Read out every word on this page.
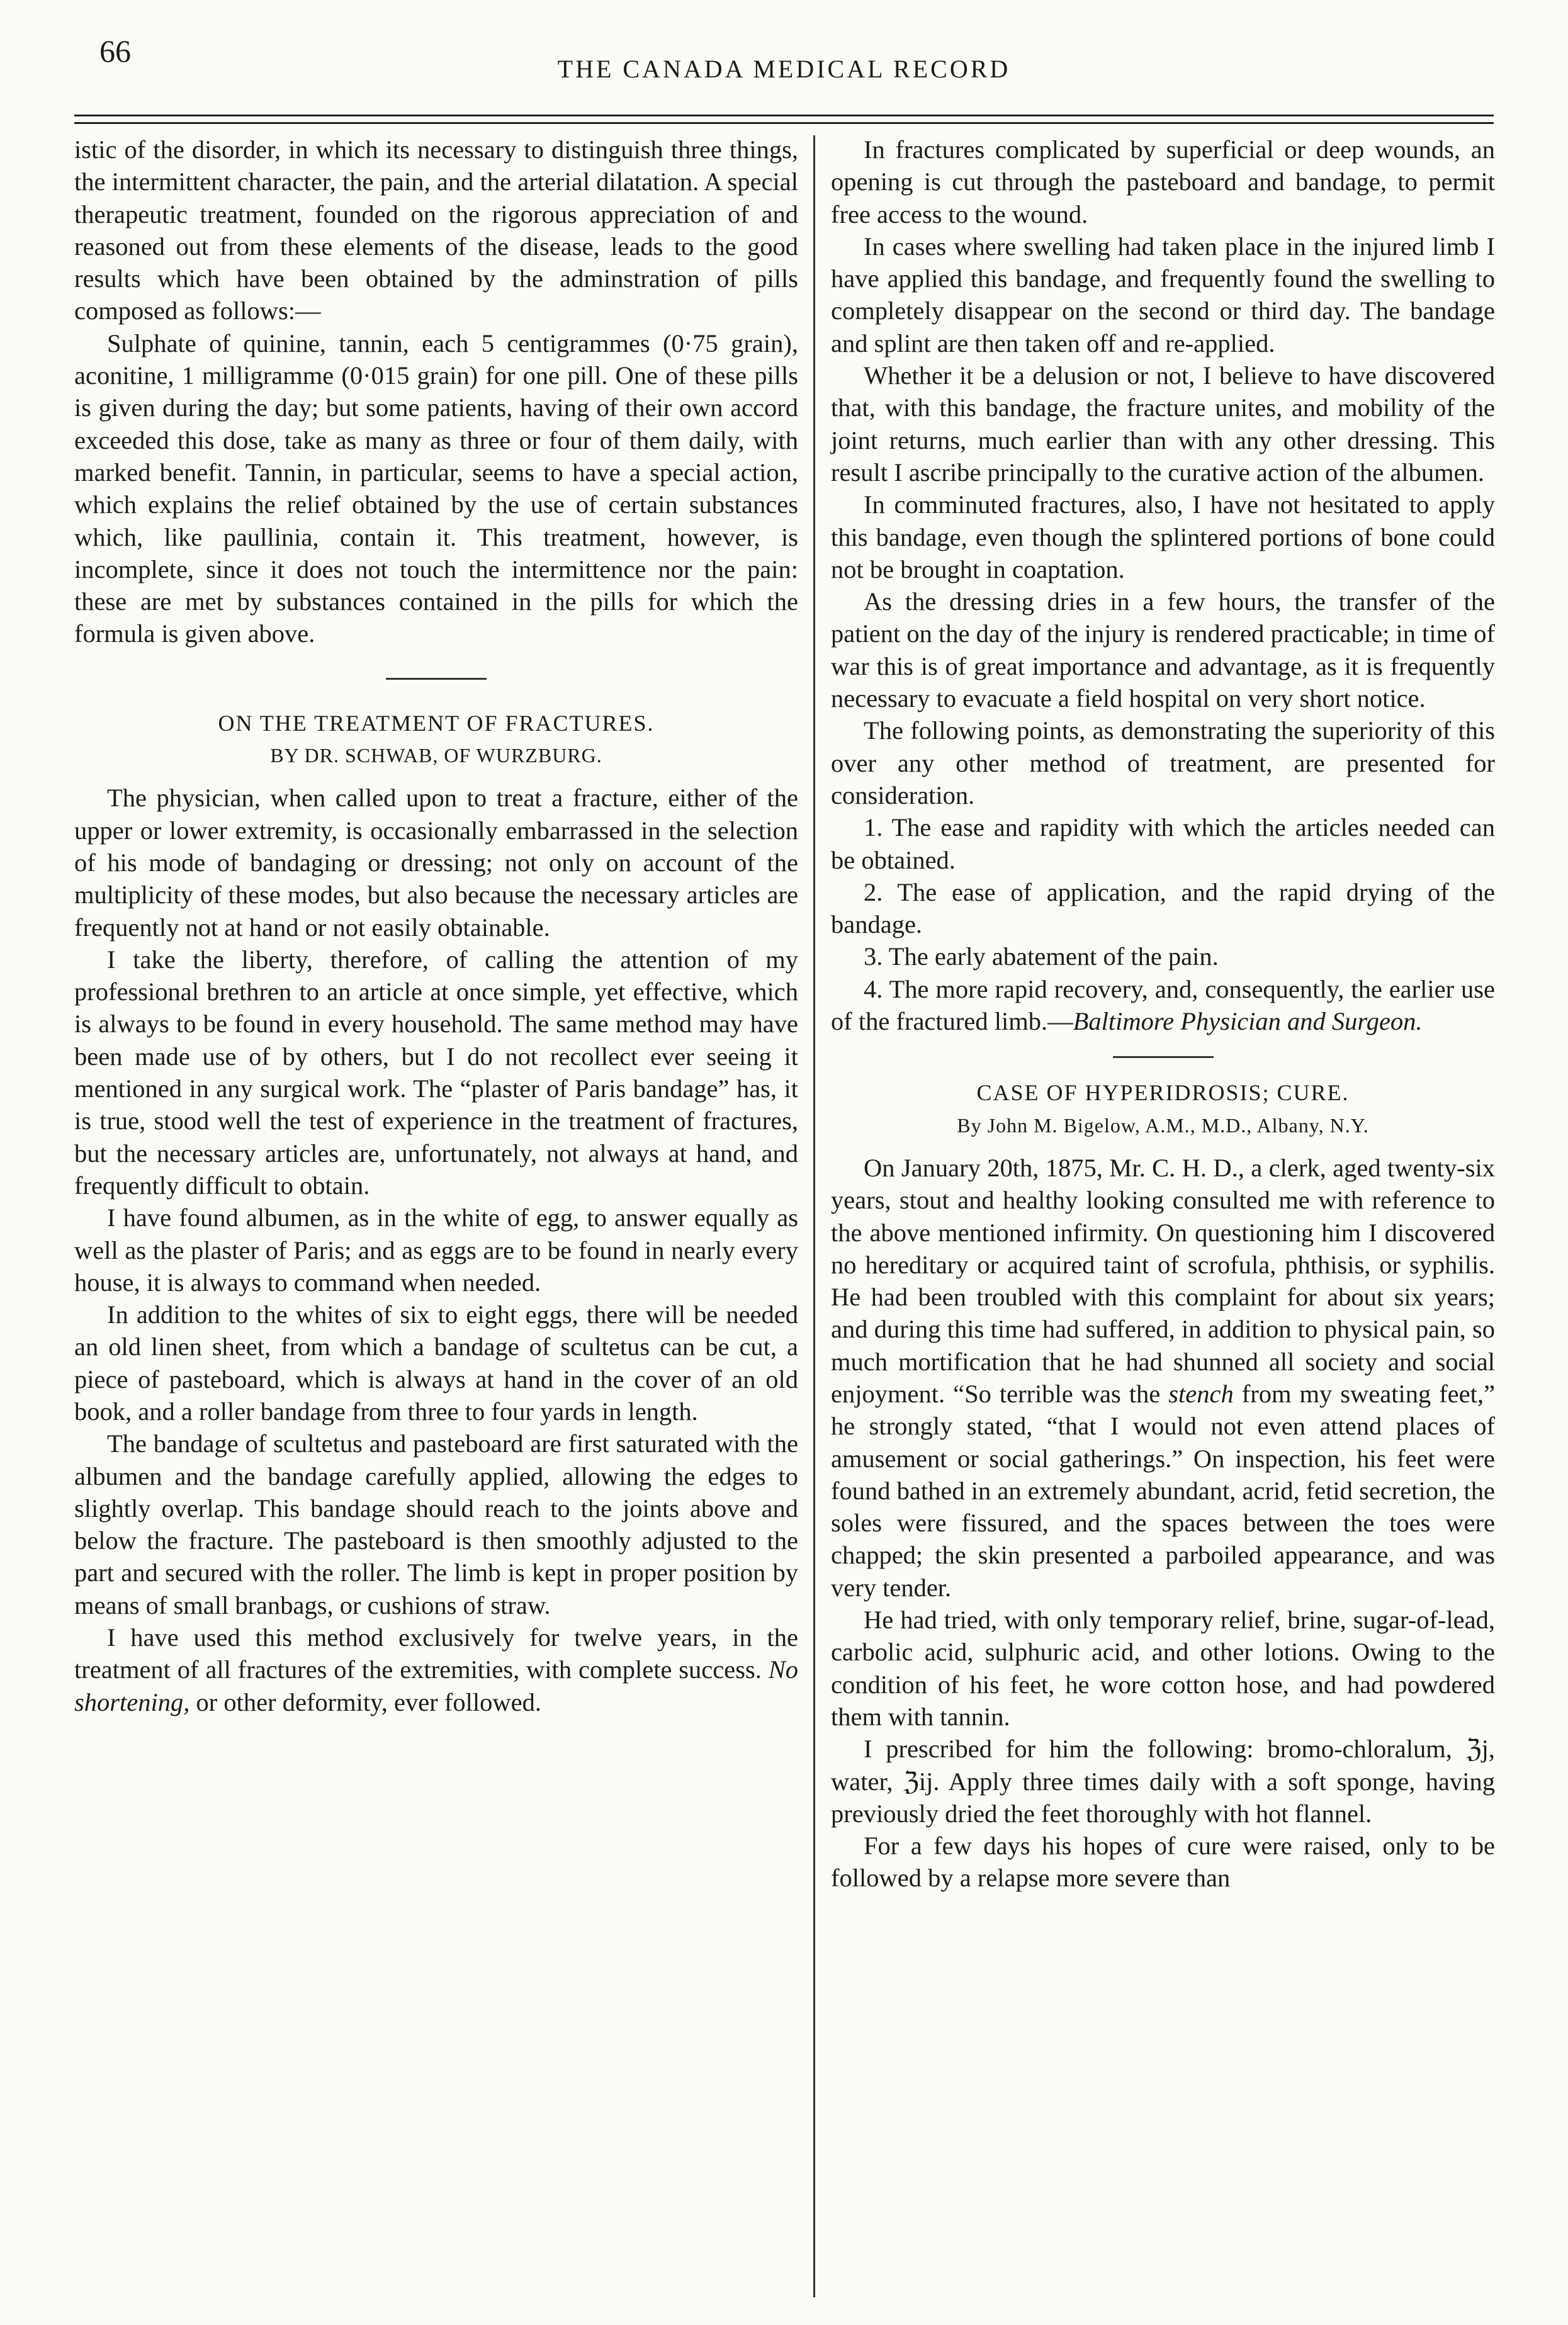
66
THE CANADA MEDICAL RECORD

istic of the disorder, in which its necessary to distinguish three things, the intermittent character, the pain, and the arterial dilatation. A special therapeutic treatment, founded on the rigorous appreciation of and reasoned out from these elements of the disease, leads to the good results which have been obtained by the adminstration of pills composed as follows:—

Sulphate of quinine, tannin, each 5 centigrammes (0·75 grain), aconitine, 1 milligramme (0·015 grain) for one pill. One of these pills is given during the day; but some patients, having of their own accord exceeded this dose, take as many as three or four of them daily, with marked benefit. Tannin, in particular, seems to have a special action, which explains the relief obtained by the use of certain substances which, like paullinia, contain it. This treatment, however, is incomplete, since it does not touch the intermittence nor the pain: these are met by substances contained in the pills for which the formula is given above.

ON THE TREATMENT OF FRACTURES.

BY DR. SCHWAB, OF WURZBURG.

The physician, when called upon to treat a fracture, either of the upper or lower extremity, is occasionally embarrassed in the selection of his mode of bandaging or dressing; not only on account of the multiplicity of these modes, but also because the necessary articles are frequently not at hand or not easily obtainable.

I take the liberty, therefore, of calling the attention of my professional brethren to an article at once simple, yet effective, which is always to be found in every household. The same method may have been made use of by others, but I do not recollect ever seeing it mentioned in any surgical work. The “plaster of Paris bandage” has, it is true, stood well the test of experience in the treatment of fractures, but the necessary articles are, unfortunately, not always at hand, and frequently difficult to obtain.

I have found albumen, as in the white of egg, to answer equally as well as the plaster of Paris; and as eggs are to be found in nearly every house, it is always to command when needed.

In addition to the whites of six to eight eggs, there will be needed an old linen sheet, from which a bandage of scultetus can be cut, a piece of pasteboard, which is always at hand in the cover of an old book, and a roller bandage from three to four yards in length.

The bandage of scultetus and pasteboard are first saturated with the albumen and the bandage carefully applied, allowing the edges to slightly overlap. This bandage should reach to the joints above and below the fracture. The pasteboard is then smoothly adjusted to the part and secured with the roller. The limb is kept in proper position by means of small branbags, or cushions of straw.

I have used this method exclusively for twelve years, in the treatment of all fractures of the extremities, with complete success. No shortening, or other deformity, ever followed.

In fractures complicated by superficial or deep wounds, an opening is cut through the pasteboard and bandage, to permit free access to the wound.

In cases where swelling had taken place in the injured limb I have applied this bandage, and frequently found the swelling to completely disappear on the second or third day. The bandage and splint are then taken off and re-applied.

Whether it be a delusion or not, I believe to have discovered that, with this bandage, the fracture unites, and mobility of the joint returns, much earlier than with any other dressing. This result I ascribe principally to the curative action of the albumen.

In comminuted fractures, also, I have not hesitated to apply this bandage, even though the splintered portions of bone could not be brought in coaptation.

As the dressing dries in a few hours, the transfer of the patient on the day of the injury is rendered practicable; in time of war this is of great importance and advantage, as it is frequently necessary to evacuate a field hospital on very short notice.

The following points, as demonstrating the superiority of this over any other method of treatment, are presented for consideration.

1. The ease and rapidity with which the articles needed can be obtained.

2. The ease of application, and the rapid drying of the bandage.

3. The early abatement of the pain.

4. The more rapid recovery, and, consequently, the earlier use of the fractured limb.—Baltimore Physician and Surgeon.

CASE OF HYPERIDROSIS; CURE.

By John M. Bigelow, A.M., M.D., Albany, N.Y.

On January 20th, 1875, Mr. C. H. D., a clerk, aged twenty-six years, stout and healthy looking consulted me with reference to the above mentioned infirmity. On questioning him I discovered no hereditary or acquired taint of scrofula, phthisis, or syphilis. He had been troubled with this complaint for about six years; and during this time had suffered, in addition to physical pain, so much mortification that he had shunned all society and social enjoyment. “So terrible was the stench from my sweating feet,” he strongly stated, “that I would not even attend places of amusement or social gatherings.” On inspection, his feet were found bathed in an extremely abundant, acrid, fetid secretion, the soles were fissured, and the spaces between the toes were chapped; the skin presented a parboiled appearance, and was very tender.

He had tried, with only temporary relief, brine, sugar-of-lead, carbolic acid, sulphuric acid, and other lotions. Owing to the condition of his feet, he wore cotton hose, and had powdered them with tannin.

I prescribed for him the following: bromo-chloralum, ℨj, water, ℨij. Apply three times daily with a soft sponge, having previously dried the feet thoroughly with hot flannel.

For a few days his hopes of cure were raised, only to be followed by a relapse more severe than
